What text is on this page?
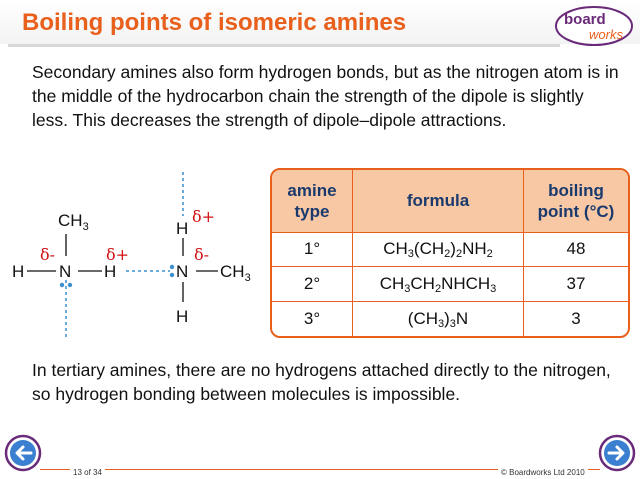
Boiling points of isomeric amines	board
works
Secondary amines also form hydrogen bonds, but as the nitrogen atom is in the middle of the hydrocarbon chain the strength of the dipole is slightly less. This decreases the strength of dipole–dipole attractions.
$CH_3$
H N H
δ-	δ+
H
δ+
δ-
N $CH_3$
H
amine
type	formula	boiling
point (°C)
1°	$CH_3(CH_2)_2NH_2$	48
2°	$CH_3CH_2NHCH_3$	37
3°	$(CH_3)_3N$	3
In tertiary amines, there are no hydrogens attached directly to the nitrogen, so hydrogen bonding between molecules is impossible.
13 of 34	© Boardworks Ltd 2010
